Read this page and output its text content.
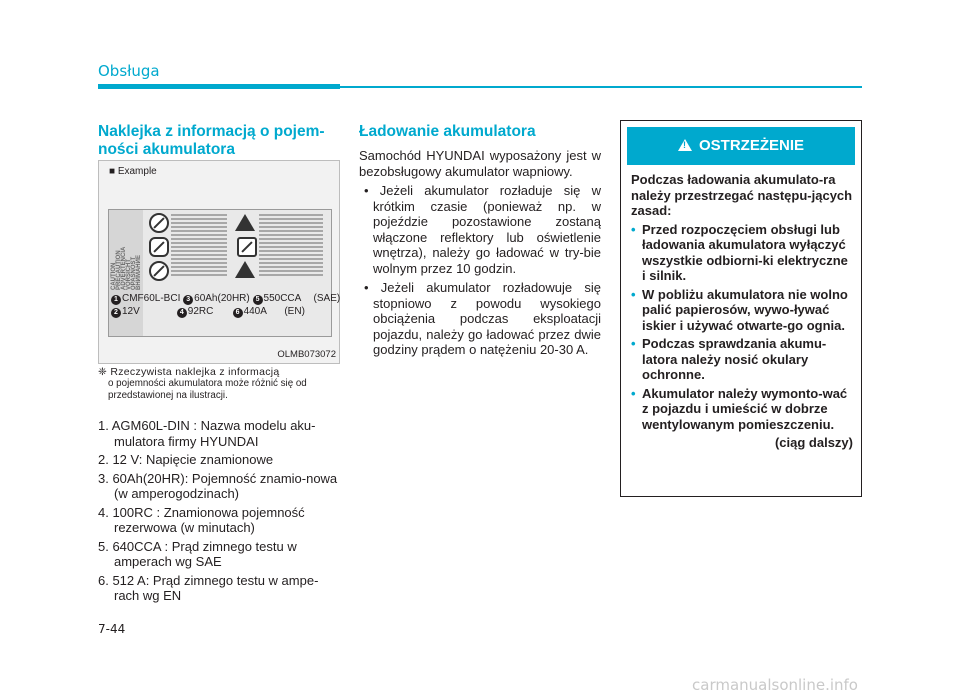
Obsługa
Naklejka z informacją o pojem-
ności akumulatora
■ Example
CAUTION PRÉCAUTION ADVERTENCIA VORSICHT OPASNOST ВНИМАНИЕ
1 CMF60L-BCI 3 60Ah(20HR) 5 550CCA (SAE)
2 12V	4 92RC	6 440A (EN)
OLMB073072
❈ Rzeczywista naklejka z informacją
o pojemności akumulatora może różnić się od przedstawionej na ilustracji.
1. AGM60L-DIN : Nazwa modelu aku-mulatora firmy HYUNDAI
2. 12 V: Napięcie znamionowe
3. 60Ah(20HR): Pojemność znamio-nowa (w amperogodzinach)
4. 100RC : Znamionowa pojemność rezerwowa (w minutach)
5. 640CCA : Prąd zimnego testu w amperach wg SAE
6. 512 A: Prąd zimnego testu w ampe-rach wg EN
Ładowanie akumulatora

Samochód HYUNDAI wyposażony jest w bezobsługowy akumulator wapniowy.

• Jeżeli akumulator rozładuje się w krótkim czasie (ponieważ np. w pojeździe pozostawione zostaną włączone reflektory lub oświetlenie wnętrza), należy go ładować w try-bie wolnym przez 10 godzin.
• Jeżeli akumulator rozładowuje się stopniowo z powodu wysokiego obciążenia podczas eksploatacji pojazdu, należy go ładować przez dwie godziny prądem o natężeniu 20-30 A.
!OSTRZEŻENIE

Podczas ładowania akumulato-ra należy przestrzegać następu-jących zasad:

• Przed rozpoczęciem obsługi lub ładowania akumulatora wyłączyć wszystkie odbiorni-ki elektryczne i silnik.
• W pobliżu akumulatora nie wolno palić papierosów, wywo-ływać iskier i używać otwarte-go ognia.
• Podczas sprawdzania akumu-latora należy nosić okulary ochronne.
• Akumulator należy wymonto-wać z pojazdu i umieścić w dobrze wentylowanym pomieszczeniu.
(ciąg dalszy)
7-44
carmanualsonline.info
